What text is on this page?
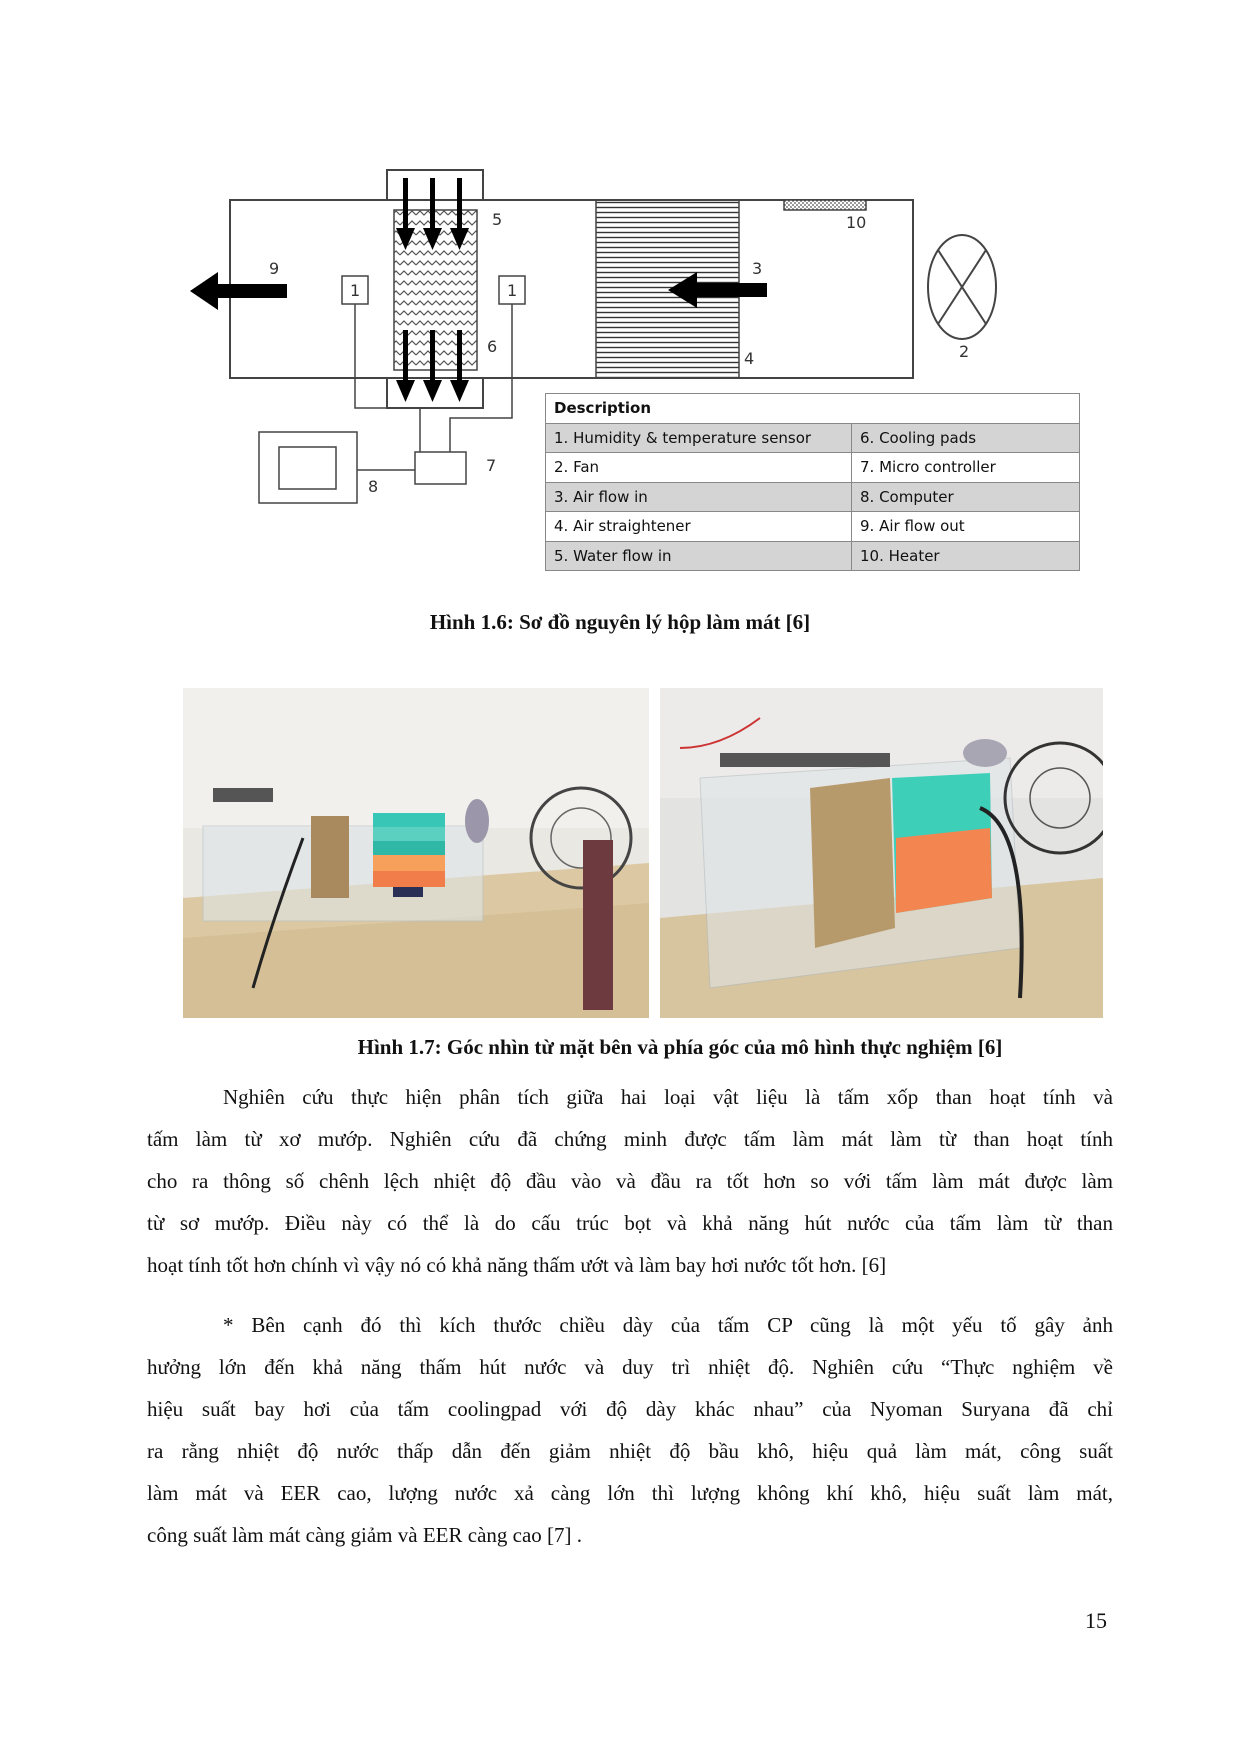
1	1
2
3
4
5
6
7
8
9
10
Description	
1. Humidity & temperature sensor	6. Cooling pads
2. Fan	7. Micro controller
3. Air flow in	8. Computer
4. Air straightener	9. Air flow out
5. Water flow in	10. Heater
Hình 1.6: Sơ đồ nguyên lý hộp làm mát [6]
Hình 1.7: Góc nhìn từ mặt bên và phía góc của mô hình thực nghiệm [6]
Nghiên cứu thực hiện phân tích giữa hai loại vật liệu là tấm xốp than hoạt tính và
tấm làm từ xơ mướp. Nghiên cứu đã chứng minh được tấm làm mát làm từ than hoạt tính
cho ra thông số chênh lệch nhiệt độ đầu vào và đầu ra tốt hơn so với tấm làm mát được làm
từ sơ mướp. Điều này có thể là do cấu trúc bọt và khả năng hút nước của tấm làm từ than
hoạt tính tốt hơn chính vì vậy nó có khả năng thấm ướt và làm bay hơi nước tốt hơn. [6]
* Bên cạnh đó thì kích thước chiều dày của tấm CP cũng là một yếu tố gây ảnh
hưởng lớn đến khả năng thấm hút nước và duy trì nhiệt độ. Nghiên cứu “Thực nghiệm về
hiệu suất bay hơi của tấm coolingpad với độ dày khác nhau” của Nyoman Suryana đã chỉ
ra rằng nhiệt độ nước thấp dẫn đến giảm nhiệt độ bầu khô, hiệu quả làm mát, công suất
làm mát và EER cao, lượng nước xả càng lớn thì lượng không khí khô, hiệu suất làm mát,
công suất làm mát càng giảm và EER càng cao [7] .
15
